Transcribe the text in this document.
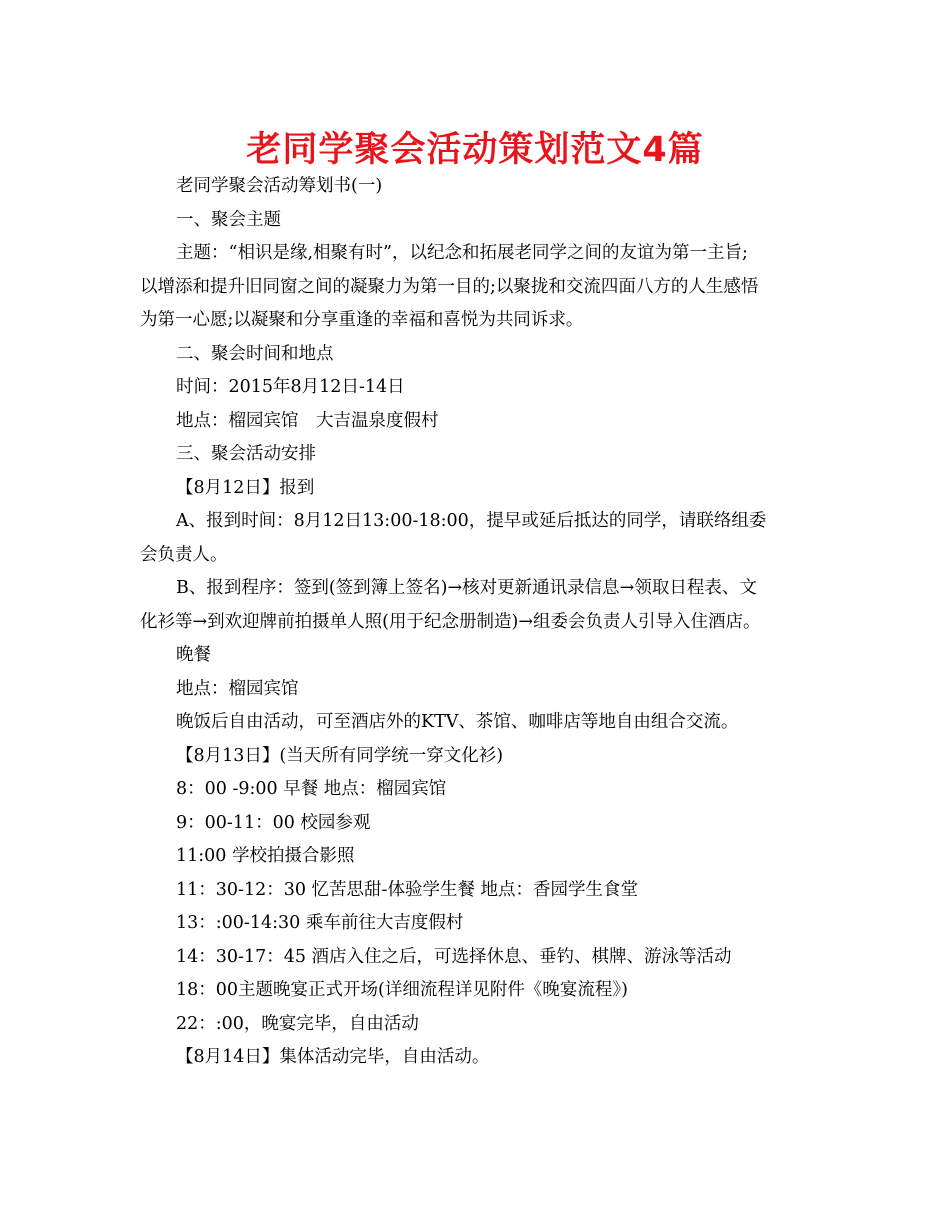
老同学聚会活动策划范文4篇

老同学聚会活动筹划书(一)

一、聚会主题

主题：“相识是缘,相聚有时”，以纪念和拓展老同学之间的友谊为第一主旨;

以增添和提升旧同窗之间的凝聚力为第一目的;以聚拢和交流四面八方的人生感悟

为第一心愿;以凝聚和分享重逢的幸福和喜悦为共同诉求。

二、聚会时间和地点

时间：2015年8月12日-14日

地点：榴园宾馆　大吉温泉度假村

三、聚会活动安排

【8月12日】报到

A、报到时间：8月12日13:00-18:00，提早或延后抵达的同学，请联络组委

会负责人。

B、报到程序：签到(签到簿上签名)→核对更新通讯录信息→领取日程表、文

化衫等→到欢迎牌前拍摄单人照(用于纪念册制造)→组委会负责人引导入住酒店。

晚餐

地点：榴园宾馆

晚饭后自由活动，可至酒店外的KTV、茶馆、咖啡店等地自由组合交流。

【8月13日】(当天所有同学统一穿文化衫)

8：00 -9:00 早餐 地点：榴园宾馆

9：00-11：00 校园参观

11:00 学校拍摄合影照

11：30-12：30 忆苦思甜-体验学生餐 地点：香园学生食堂

13：:00-14:30 乘车前往大吉度假村

14：30-17：45 酒店入住之后，可选择休息、垂钓、棋牌、游泳等活动

18：00主题晚宴正式开场(详细流程详见附件《晚宴流程》)

22：:00，晚宴完毕，自由活动

【8月14日】集体活动完毕，自由活动。
